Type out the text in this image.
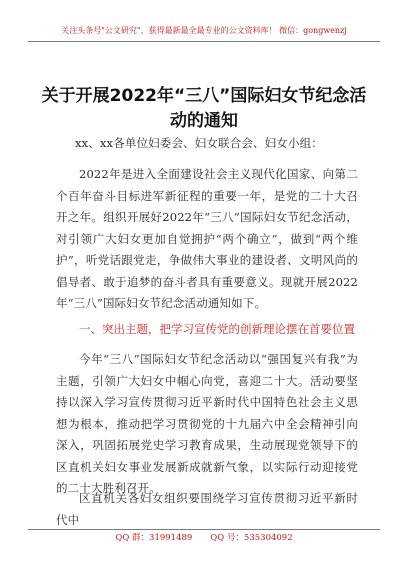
关注头条号"公文研究"，获得最新最全最专业的公文资料库！ 微信：gongwenzj
关于开展2022年“三八”国际妇女节纪念活动的通知
xx、xx各单位妇委会、妇女联合会、妇女小组：
2022年是进入全面建设社会主义现代化国家、向第二个百年奋斗目标进军新征程的重要一年，是党的二十大召开之年。组织开展好2022年“三八”国际妇女节纪念活动，对引领广大妇女更加自觉拥护“两个确立”，做到“两个维护”，听党话跟党走，争做伟大事业的建设者、文明风尚的倡导者、敢于追梦的奋斗者具有重要意义。现就开展2022年“三八”国际妇女节纪念活动通知如下。
一、突出主题，把学习宣传党的创新理论摆在首要位置
今年“三八”国际妇女节纪念活动以“强国复兴有我”为主题，引领广大妇女中帼心向党，喜迎二十大。活动要坚持以深入学习宣传贯彻习近平新时代中国特色社会主义思想为根本，推动把学习贯彻党的十九届六中全会精神引向深入，巩固拓展党史学习教育成果，生动展现党领导下的区直机关妇女事业发展新成就新气象，以实际行动迎接党的二十大胜利召开。
区直机关各妇女组织要围绕学习宣传贯彻习近平新时代中
QQ 群：31991489 QQ 号：535304092
